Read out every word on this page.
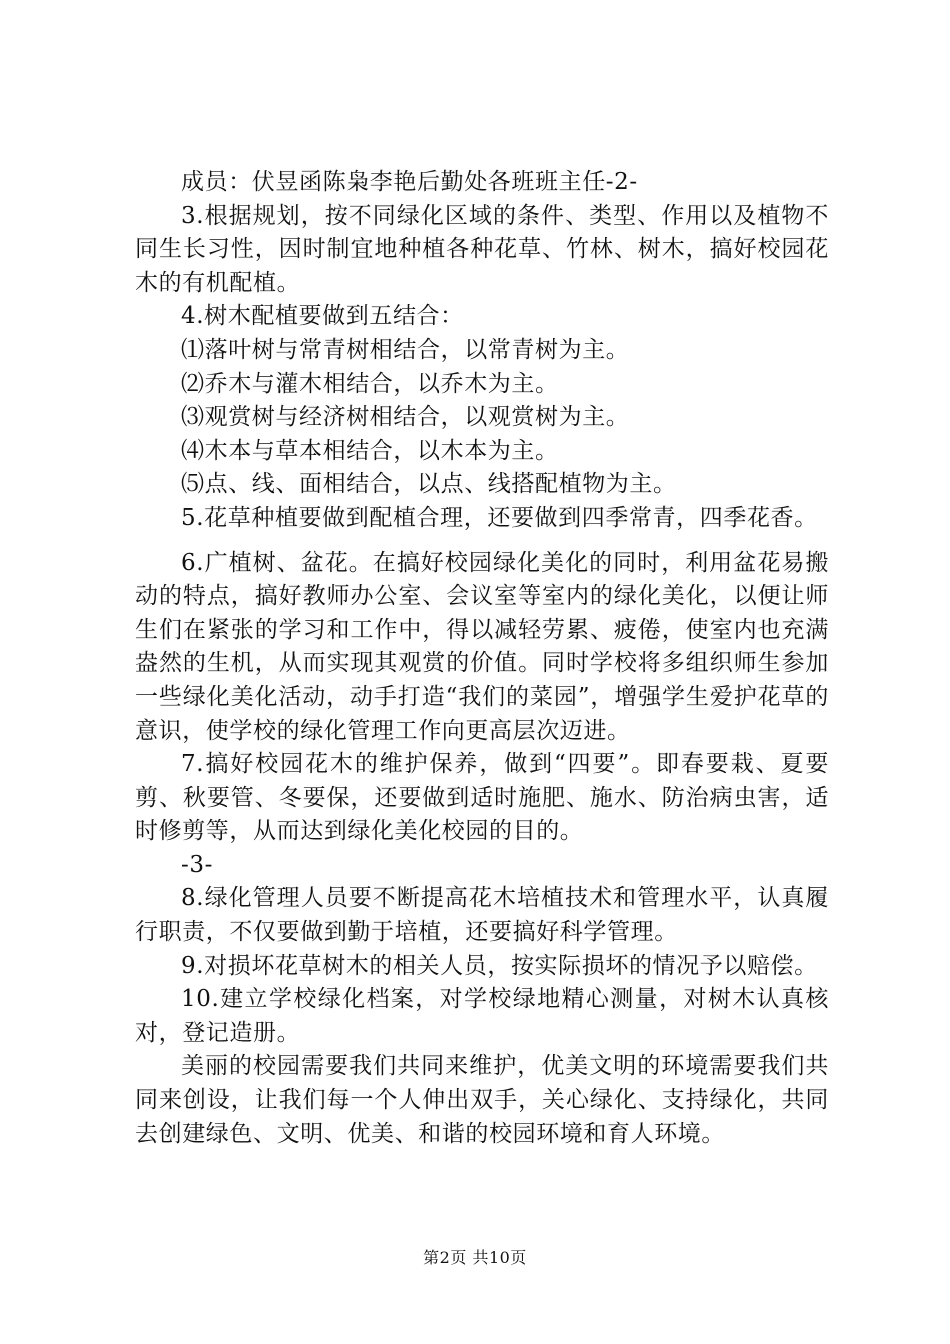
成员：伏昱函陈枭李艳后勤处各班班主任-2-

3.根据规划，按不同绿化区域的条件、类型、作用以及植物不同生长习性，因时制宜地种植各种花草、竹林、树木，搞好校园花木的有机配植。

4.树木配植要做到五结合：

⑴落叶树与常青树相结合，以常青树为主。

⑵乔木与灌木相结合，以乔木为主。

⑶观赏树与经济树相结合，以观赏树为主。

⑷木本与草本相结合，以木本为主。

⑸点、线、面相结合，以点、线搭配植物为主。

5.花草种植要做到配植合理，还要做到四季常青，四季花香。

6.广植树、盆花。在搞好校园绿化美化的同时，利用盆花易搬动的特点，搞好教师办公室、会议室等室内的绿化美化，以便让师生们在紧张的学习和工作中，得以减轻劳累、疲倦，使室内也充满盎然的生机，从而实现其观赏的价值。同时学校将多组织师生参加一些绿化美化活动，动手打造“我们的菜园”，增强学生爱护花草的意识，使学校的绿化管理工作向更高层次迈进。

7.搞好校园花木的维护保养，做到“四要”。即春要栽、夏要剪、秋要管、冬要保，还要做到适时施肥、施水、防治病虫害，适时修剪等，从而达到绿化美化校园的目的。

-3-

8.绿化管理人员要不断提高花木培植技术和管理水平，认真履行职责，不仅要做到勤于培植，还要搞好科学管理。

9.对损坏花草树木的相关人员，按实际损坏的情况予以赔偿。

10.建立学校绿化档案，对学校绿地精心测量，对树木认真核对，登记造册。

美丽的校园需要我们共同来维护，优美文明的环境需要我们共同来创设，让我们每一个人伸出双手，关心绿化、支持绿化，共同去创建绿色、文明、优美、和谐的校园环境和育人环境。

第2页 共10页
